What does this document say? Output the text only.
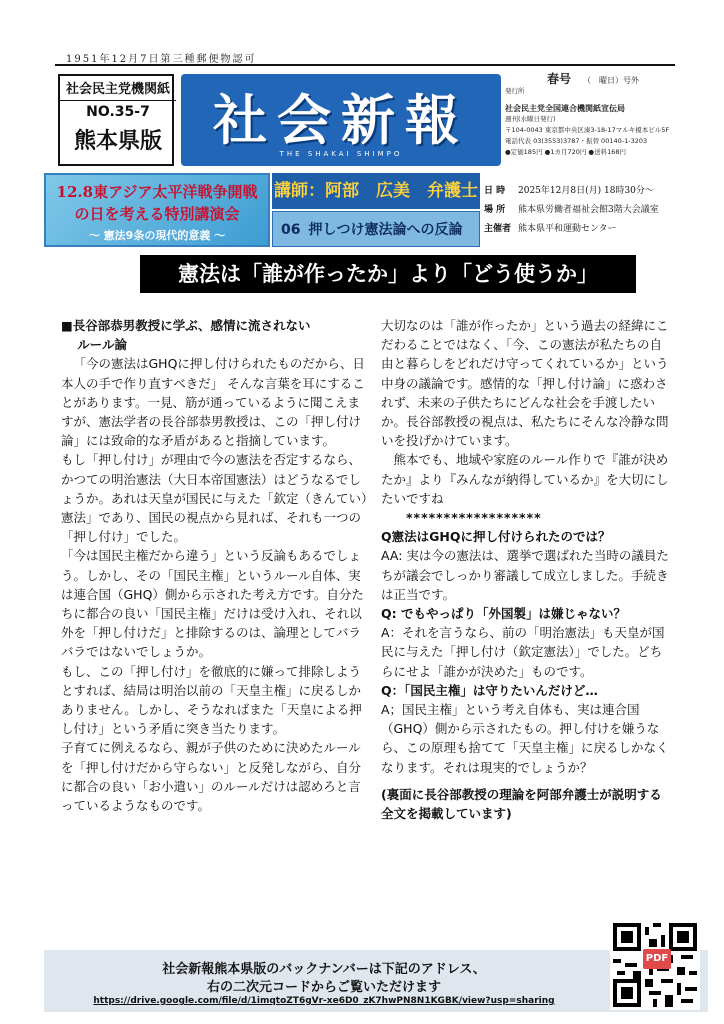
1951年12月7日第三種郵便物認可
社会民主党機関紙
NO.35-7
熊本県版 社会新報
THE SHAKAI SHIMPO
春号 （　曜日）号外
発行所
社会民主党全国連合機関紙宣伝局
週刊(水曜日発行)
〒104-0043 東京都中央区湊3-18-17マルキ榎本ビル5F
電話代表 03(3553)3787・振替 00140-1-3203
●定価185円 ●1カ月720円 ●送料168円
12.8東アジア太平洋戦争開戦
の日を考える特別講演会
～ 憲法9条の現代的意義 ～
講師：阿部　広美　弁護士
06 押しつけ憲法論への反論
日 時 2025年12月8日(月) 18時30分～
場 所 熊本県労働者福祉会館3階大会議室
主催者 熊本県平和運動センター
憲法は「誰が作ったか」より「どう使うか」

■長谷部恭男教授に学ぶ、感情に流されない

ルール論

「今の憲法はGHQに押し付けられたものだから、日本人の手で作り直すべきだ」 そんな言葉を耳にすることがあります。一見、筋が通っているように聞こえますが、憲法学者の長谷部恭男教授は、この「押し付け論」には致命的な矛盾があると指摘しています。

もし「押し付け」が理由で今の憲法を否定するなら、かつての明治憲法（大日本帝国憲法）はどうなるでしょうか。あれは天皇が国民に与えた「欽定（きんてい）憲法」であり、国民の視点から見れば、それも一つの「押し付け」でした。

「今は国民主権だから違う」という反論もあるでしょう。しかし、その「国民主権」というルール自体、実は連合国（GHQ）側から示された考え方です。自分たちに都合の良い「国民主権」だけは受け入れ、それ以外を「押し付けだ」と排除するのは、論理としてバラバラではないでしょうか。

もし、この「押し付け」を徹底的に嫌って排除しようとすれば、結局は明治以前の「天皇主権」に戻るしかありません。しかし、そうなればまた「天皇による押し付け」という矛盾に突き当たります。

子育てに例えるなら、親が子供のために決めたルールを「押し付けだから守らない」と反発しながら、自分に都合の良い「お小遣い」のルールだけは認めろと言っているようなものです。

大切なのは「誰が作ったか」という過去の経緯にこだわることではなく、「今、この憲法が私たちの自由と暮らしをどれだけ守ってくれているか」という中身の議論です。感情的な「押し付け論」に惑わされず、未来の子供たちにどんな社会を手渡したいか。長谷部教授の視点は、私たちにそんな冷静な問いを投げかけています。

熊本でも、地域や家庭のルール作りで『誰が決めたか』より『みんなが納得しているか』を大切にしたいですね

******************

Q憲法はGHQに押し付けられたのでは？

AA: 実は今の憲法は、選挙で選ばれた当時の議員たちが議会でしっかり審議して成立しました。手続きは正当です。

Q: でもやっぱり「外国製」は嫌じゃない？

A：それを言うなら、前の「明治憲法」も天皇が国民に与えた「押し付け（欽定憲法）」でした。どちらにせよ「誰かが決めた」ものです。

Q：「国民主権」は守りたいんだけど…

A；国民主権」という考え自体も、実は連合国（GHQ）側から示されたもの。押し付けを嫌うなら、この原理も捨てて「天皇主権」に戻るしかなくなります。それは現実的でしょうか？

(裏面に長谷部教授の理論を阿部弁護士が説明する全文を掲載しています)

社会新報熊本県版のバックナンバーは下記のアドレス、
右の二次元コードからご覧いただけます
https://drive.google.com/file/d/1imqtoZT6gVr-xe6D0_zK7hwPN8N1KGBK/view?usp=sharing
PDF
